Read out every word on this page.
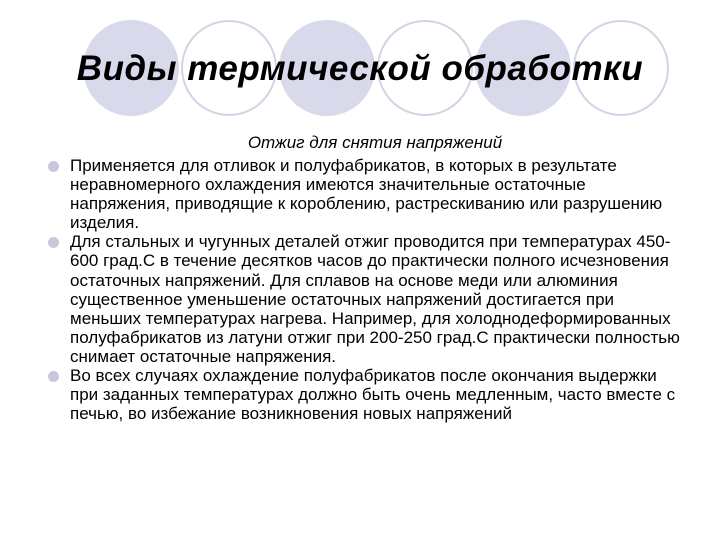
Виды термической обработки

Отжиг для снятия напряжений

Применяется для отливок и полуфабрикатов, в которых в результате неравномерного охлаждения имеются значительные остаточные напряжения, приводящие к короблению, растрескиванию или разрушению изделия.
Для стальных и чугунных деталей отжиг проводится при температурах 450-600 град.С в течение десятков часов до практически полного исчезновения остаточных напряжений. Для сплавов на основе меди или алюминия существенное уменьшение остаточных напряжений достигается при меньших температурах нагрева. Например, для холоднодеформированных полуфабрикатов из латуни отжиг при 200-250 град.С практически полностью снимает остаточные напряжения.
Во всех случаях охлаждение полуфабрикатов после окончания выдержки при заданных температурах должно быть очень медленным, часто вместе с печью, во избежание возникновения новых напряжений
